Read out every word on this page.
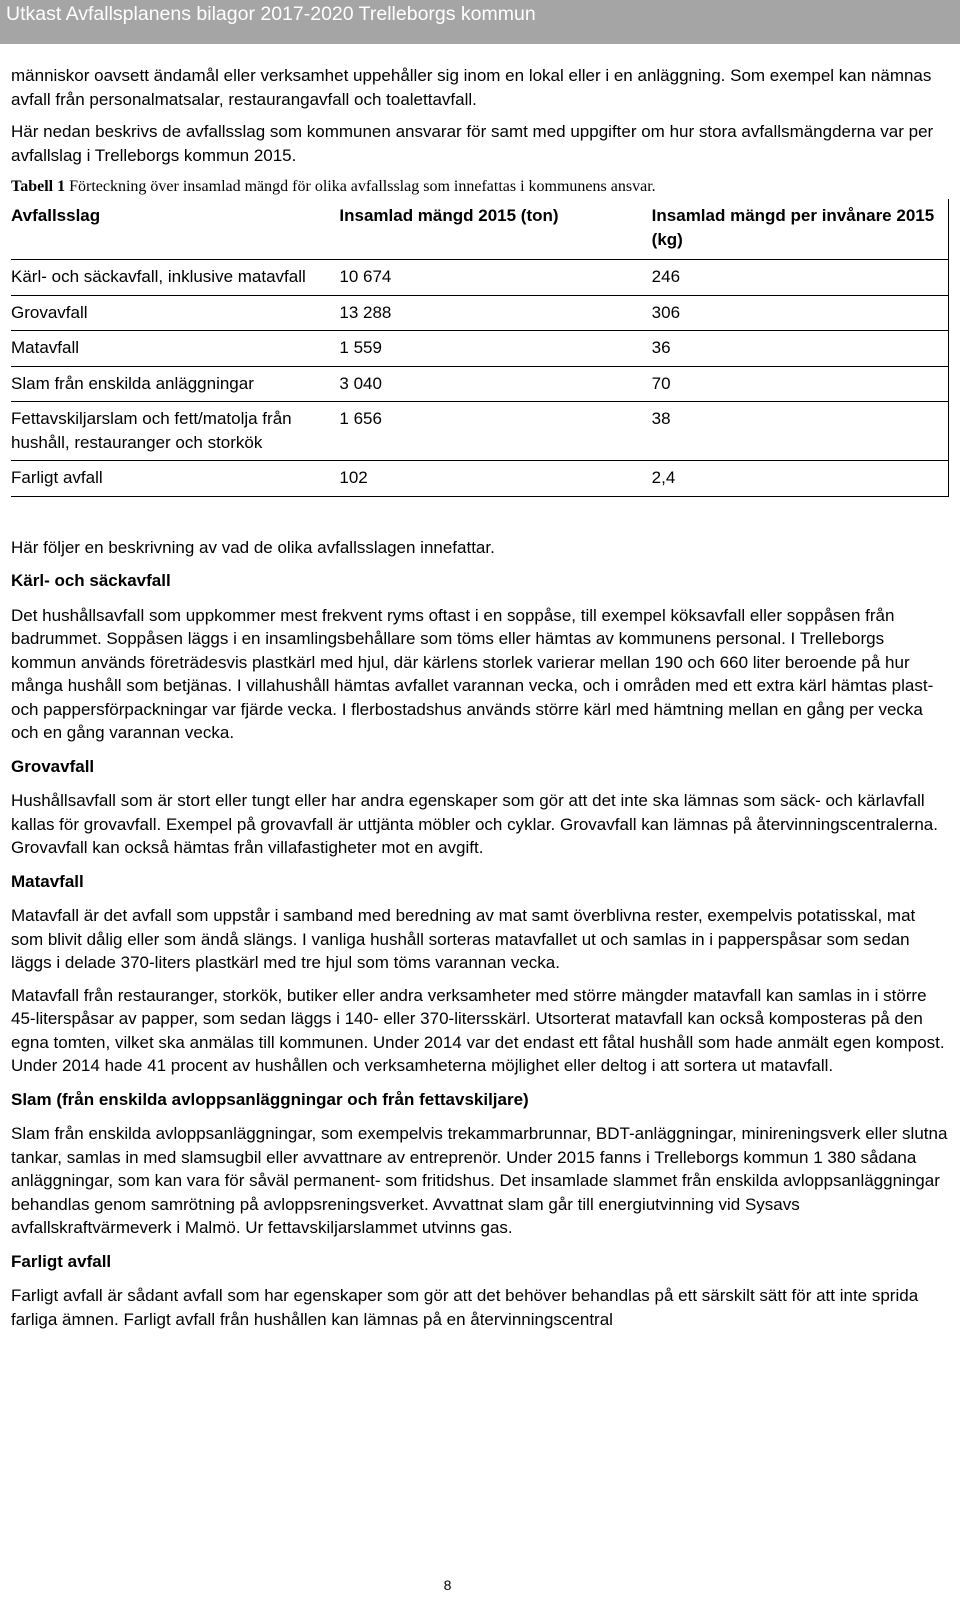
Utkast Avfallsplanens bilagor 2017-2020 Trelleborgs kommun

människor oavsett ändamål eller verksamhet uppehåller sig inom en lokal eller i en anläggning. Som exempel kan nämnas avfall från personalmatsalar, restaurangavfall och toalettavfall.

Här nedan beskrivs de avfallsslag som kommunen ansvarar för samt med uppgifter om hur stora avfallsmängderna var per avfallslag i Trelleborgs kommun 2015.

Tabell 1 Förteckning över insamlad mängd för olika avfallsslag som innefattas i kommunens ansvar.

Avfallsslag	Insamlad mängd 2015 (ton)	Insamlad mängd per invånare 2015 (kg)
Kärl- och säckavfall, inklusive matavfall	10 674	246
Grovavfall	13 288	306
Matavfall	1 559	36
Slam från enskilda anläggningar	3 040	70
Fettavskiljarslam och fett/matolja från hushåll, restauranger och storkök	1 656	38
Farligt avfall	102	2,4

Här följer en beskrivning av vad de olika avfallsslagen innefattar.

Kärl- och säckavfall

Det hushållsavfall som uppkommer mest frekvent ryms oftast i en soppåse, till exempel köksavfall eller soppåsen från badrummet. Soppåsen läggs i en insamlingsbehållare som töms eller hämtas av kommunens personal. I Trelleborgs kommun används företrädesvis plastkärl med hjul, där kärlens storlek varierar mellan 190 och 660 liter beroende på hur många hushåll som betjänas. I villahushåll hämtas avfallet varannan vecka, och i områden med ett extra kärl hämtas plast- och pappersförpackningar var fjärde vecka. I flerbostadshus används större kärl med hämtning mellan en gång per vecka och en gång varannan vecka.

Grovavfall

Hushållsavfall som är stort eller tungt eller har andra egenskaper som gör att det inte ska lämnas som säck- och kärlavfall kallas för grovavfall. Exempel på grovavfall är uttjänta möbler och cyklar. Grovavfall kan lämnas på återvinningscentralerna. Grovavfall kan också hämtas från villafastigheter mot en avgift.

Matavfall

Matavfall är det avfall som uppstår i samband med beredning av mat samt överblivna rester, exempelvis potatisskal, mat som blivit dålig eller som ändå slängs. I vanliga hushåll sorteras matavfallet ut och samlas in i papperspåsar som sedan läggs i delade 370-liters plastkärl med tre hjul som töms varannan vecka.

Matavfall från restauranger, storkök, butiker eller andra verksamheter med större mängder matavfall kan samlas in i större 45-literspåsar av papper, som sedan läggs i 140- eller 370-litersskärl. Utsorterat matavfall kan också komposteras på den egna tomten, vilket ska anmälas till kommunen. Under 2014 var det endast ett fåtal hushåll som hade anmält egen kompost. Under 2014 hade 41 procent av hushållen och verksamheterna möjlighet eller deltog i att sortera ut matavfall.

Slam (från enskilda avloppsanläggningar och från fettavskiljare)

Slam från enskilda avloppsanläggningar, som exempelvis trekammarbrunnar, BDT-anläggningar, minireningsverk eller slutna tankar, samlas in med slamsugbil eller avvattnare av entreprenör. Under 2015 fanns i Trelleborgs kommun 1 380 sådana anläggningar, som kan vara för såväl permanent- som fritidshus. Det insamlade slammet från enskilda avloppsanläggningar behandlas genom samrötning på avloppsreningsverket. Avvattnat slam går till energiutvinning vid Sysavs avfallskraftvärmeverk i Malmö. Ur fettavskiljarslammet utvinns gas.

Farligt avfall

Farligt avfall är sådant avfall som har egenskaper som gör att det behöver behandlas på ett särskilt sätt för att inte sprida farliga ämnen. Farligt avfall från hushållen kan lämnas på en återvinningscentral

8
